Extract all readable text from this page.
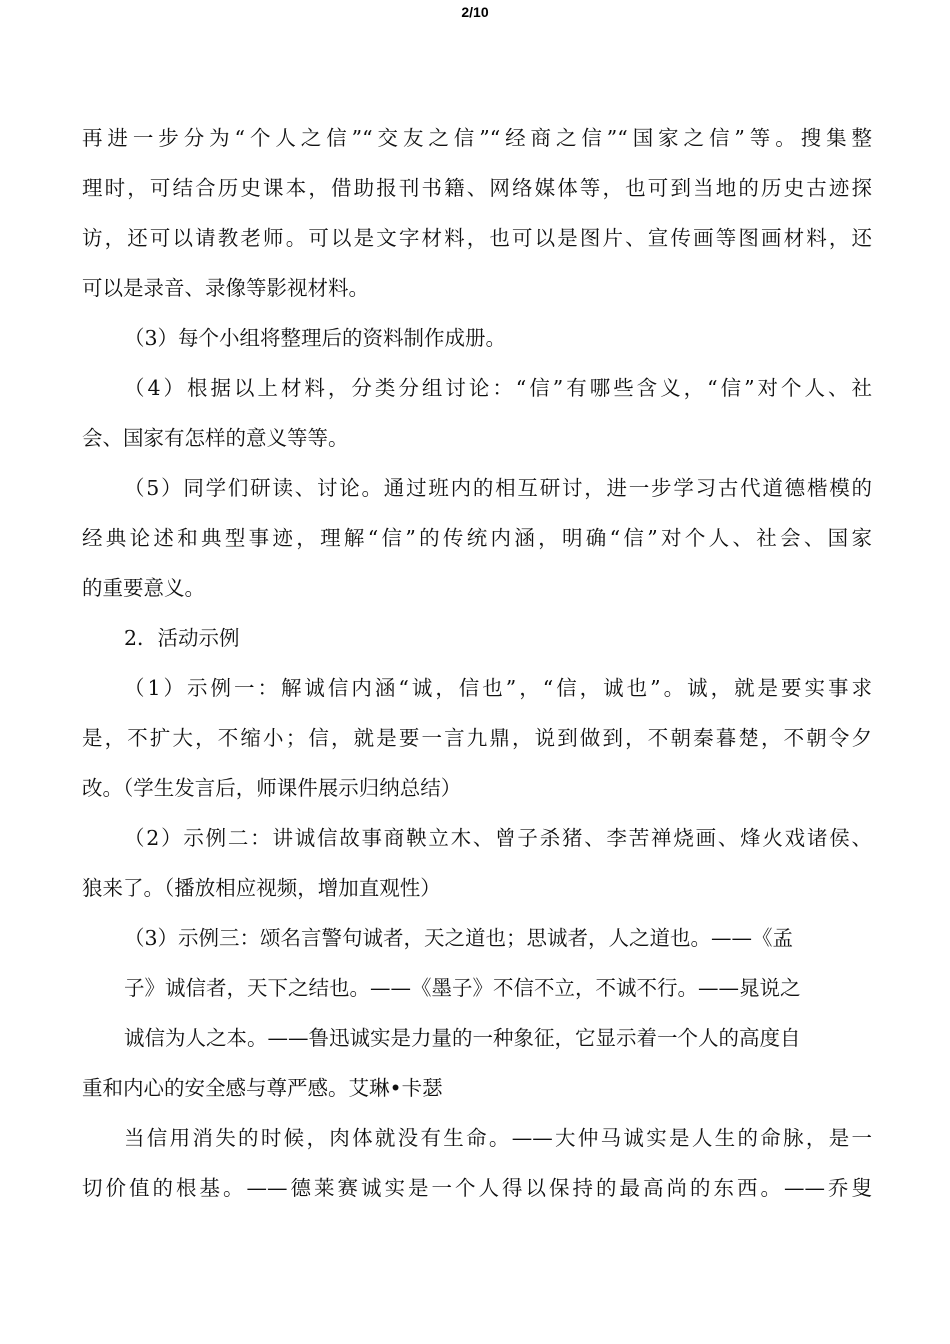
2/10

再进一步分为“个人之信”“交友之信”“经商之信”“国家之信”等。搜集整

理时，可结合历史课本，借助报刊书籍、网络媒体等，也可到当地的历史古迹探

访，还可以请教老师。可以是文字材料，也可以是图片、宣传画等图画材料，还

可以是录音、录像等影视材料。

（3）每个小组将整理后的资料制作成册。

（4）根据以上材料，分类分组讨论：“信”有哪些含义，“信”对个人、社

会、国家有怎样的意义等等。

（5）同学们研读、讨论。通过班内的相互研讨，进一步学习古代道德楷模的

经典论述和典型事迹，理解“信”的传统内涵，明确“信”对个人、社会、国家

的重要意义。

2．活动示例

（1）示例一：解诚信内涵“诚，信也”，“信，诚也”。诚，就是要实事求

是，不扩大，不缩小；信，就是要一言九鼎，说到做到，不朝秦暮楚，不朝令夕

改。（学生发言后，师课件展示归纳总结）

（2）示例二：讲诚信故事商鞅立木、曾子杀猪、李苦禅烧画、烽火戏诸侯、

狼来了。（播放相应视频，增加直观性）

（3）示例三：颂名言警句诚者，天之道也；思诚者，人之道也。——《孟

子》诚信者，天下之结也。——《墨子》不信不立，不诚不行。——晁说之

诚信为人之本。——鲁迅诚实是力量的一种象征，它显示着一个人的高度自

重和内心的安全感与尊严感。艾琳•卡瑟

当信用消失的时候，肉体就没有生命。——大仲马诚实是人生的命脉，是一

切价值的根基。——德莱赛诚实是一个人得以保持的最高尚的东西。——乔叟
